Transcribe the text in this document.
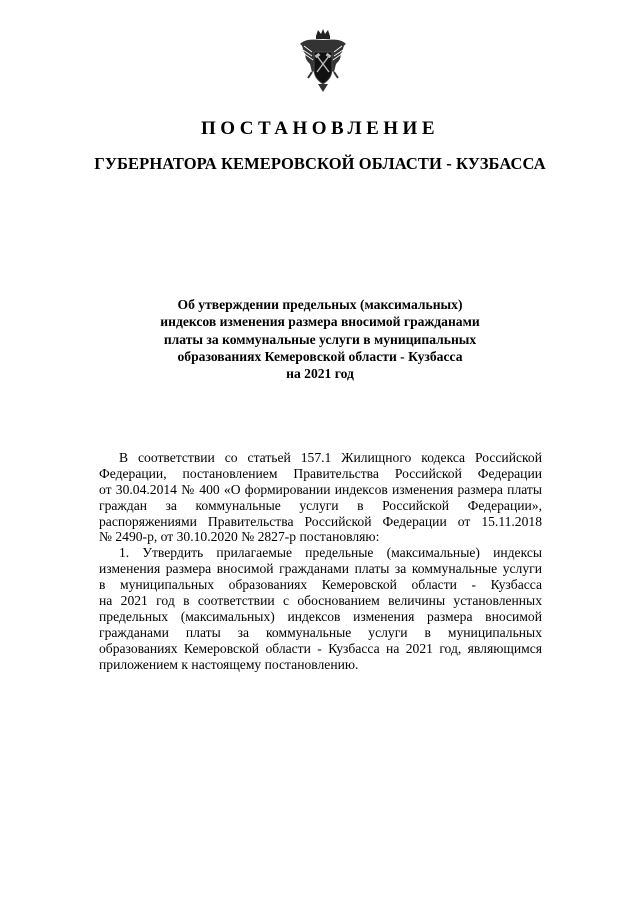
ПОСТАНОВЛЕНИЕ
ГУБЕРНАТОРА КЕМЕРОВСКОЙ ОБЛАСТИ - КУЗБАССА
Об утверждении предельных (максимальных)
индексов изменения размера вносимой гражданами
платы за коммунальные услуги в муниципальных
образованиях Кемеровской области - Кузбасса
на 2021 год
В соответствии со статьей 157.1 Жилищного кодекса Российской
Федерации, постановлением Правительства Российской Федерации
от 30.04.2014 № 400 «О формировании индексов изменения размера платы
граждан за коммунальные услуги в Российской Федерации»,
распоряжениями Правительства Российской Федерации от 15.11.2018
№ 2490-р, от 30.10.2020 № 2827-р постановляю:
1. Утвердить прилагаемые предельные (максимальные) индексы
изменения размера вносимой гражданами платы за коммунальные услуги
в муниципальных образованиях Кемеровской области - Кузбасса
на 2021 год в соответствии с обоснованием величины установленных
предельных (максимальных) индексов изменения размера вносимой
гражданами платы за коммунальные услуги в муниципальных
образованиях Кемеровской области - Кузбасса на 2021 год, являющимся
приложением к настоящему постановлению.
